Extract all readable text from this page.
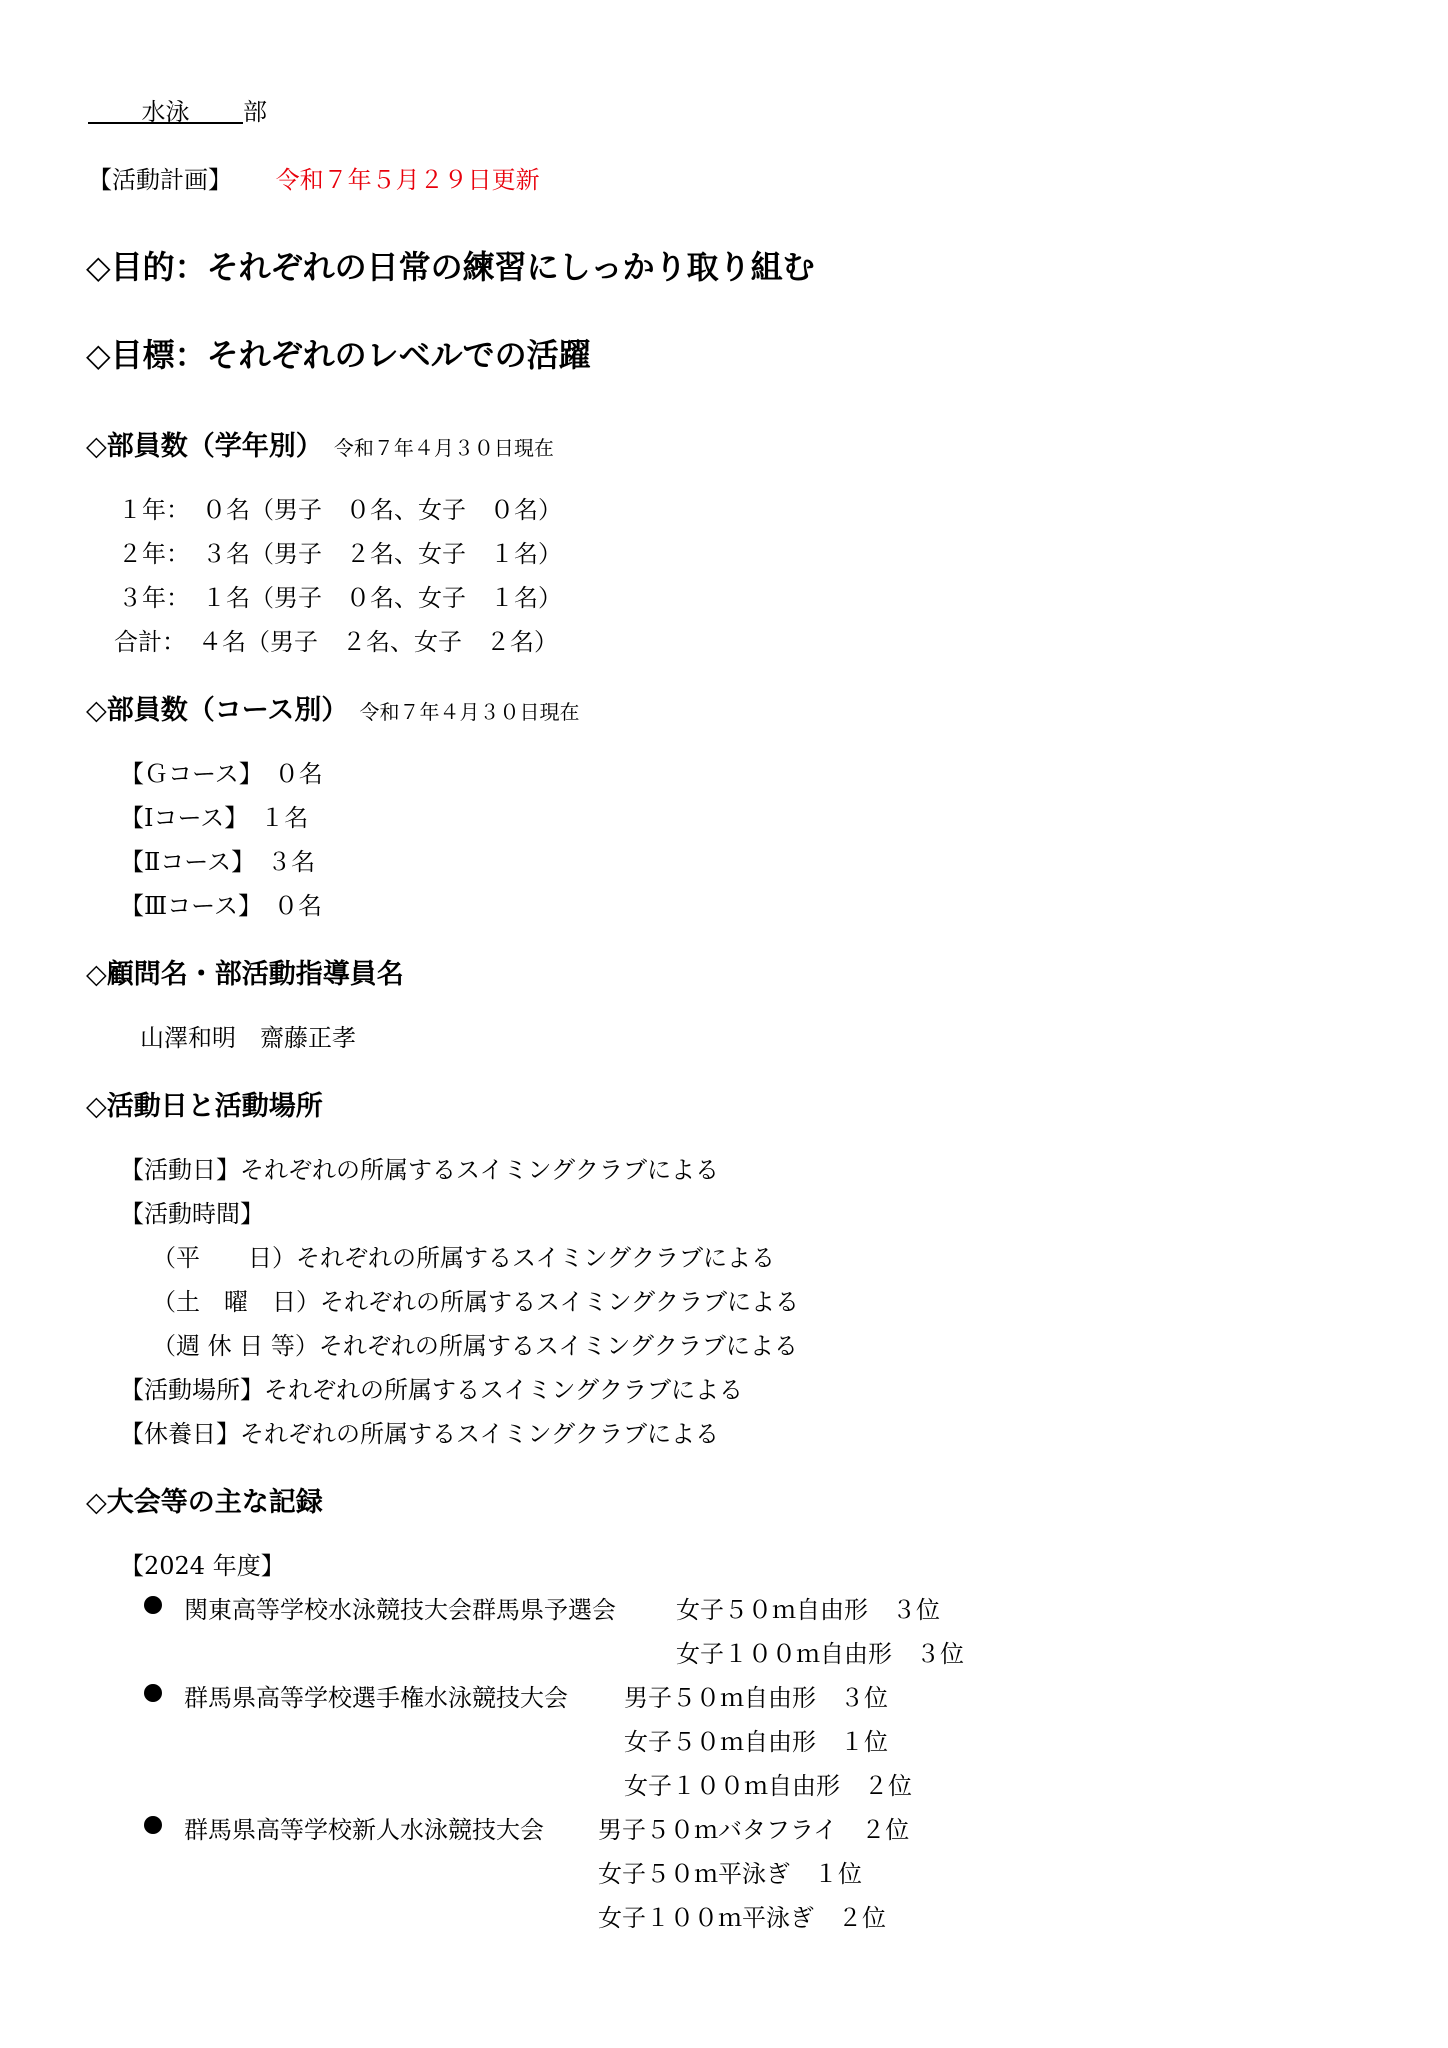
水泳 部
【活動計画】 令和７年５月２９日更新
◇目的：それぞれの日常の練習にしっかり取り組む
◇目標：それぞれのレベルでの活躍
◇部員数（学年別） 令和７年４月３０日現在
１年：　０名（男子　０名、女子　０名）
２年：　３名（男子　２名、女子　１名）
３年：　１名（男子　０名、女子　１名）
合計：　４名（男子　２名、女子　２名）
◇部員数（コース別） 令和７年４月３０日現在
【Ｇコース】　０名
【Ⅰコース】　１名
【Ⅱコース】　３名
【Ⅲコース】　０名
◇顧問名・部活動指導員名
山澤和明　齋藤正孝
◇活動日と活動場所
【活動日】それぞれの所属するスイミングクラブによる
【活動時間】
（平　　日）それぞれの所属するスイミングクラブによる
（土　曜　日）それぞれの所属するスイミングクラブによる
（週 休 日 等）それぞれの所属するスイミングクラブによる
【活動場所】それぞれの所属するスイミングクラブによる
【休養日】それぞれの所属するスイミングクラブによる
◇大会等の主な記録
【2024 年度】
関東高等学校水泳競技大会群馬県予選会	女子５０ｍ自由形　３位
女子１００ｍ自由形　３位
群馬県高等学校選手権水泳競技大会 男子５０ｍ自由形　３位
女子５０ｍ自由形　１位
女子１００ｍ自由形　２位
群馬県高等学校新人水泳競技大会 男子５０ｍバタフライ　２位
女子５０ｍ平泳ぎ　１位
女子１００ｍ平泳ぎ　２位
